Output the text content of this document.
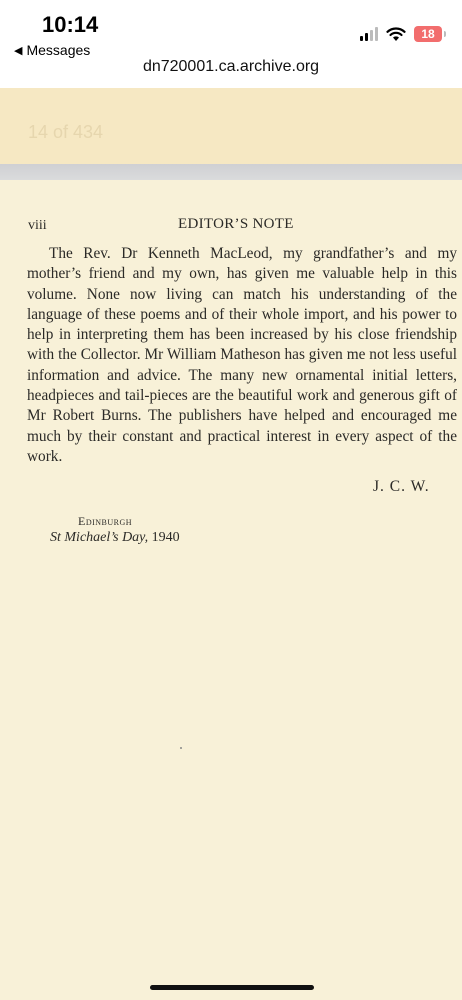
10:14
◀ Messages
18
dn720001.ca.archive.org
14 of 434
viii	EDITOR’S NOTE

The Rev. Dr Kenneth MacLeod, my grandfather’s and my mother’s friend and my own, has given me valuable help in this volume. None now living can match his understanding of the language of these poems and of their whole import, and his power to help in interpreting them has been increased by his close friendship with the Collector. Mr William Matheson has given me not less useful information and advice. The many new ornamental initial letters, headpieces and tail-pieces are the beautiful work and generous gift of Mr Robert Burns. The publishers have helped and encouraged me much by their constant and practical interest in every aspect of the work.

J. C. W.
Edinburgh
St Michael’s Day, 1940
